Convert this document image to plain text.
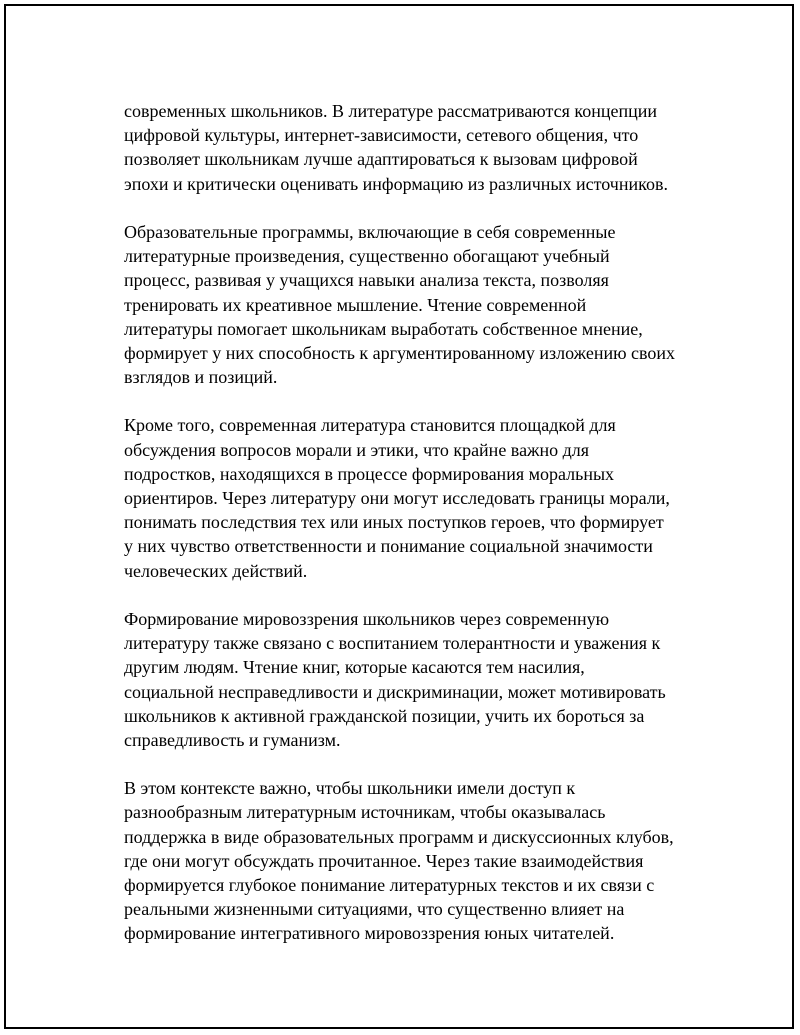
современных школьников. В литературе рассматриваются концепции
цифровой культуры, интернет-зависимости, сетевого общения, что
позволяет школьникам лучше адаптироваться к вызовам цифровой
эпохи и критически оценивать информацию из различных источников.
Образовательные программы, включающие в себя современные
литературные произведения, существенно обогащают учебный
процесс, развивая у учащихся навыки анализа текста, позволяя
тренировать их креативное мышление. Чтение современной
литературы помогает школьникам выработать собственное мнение,
формирует у них способность к аргументированному изложению своих
взглядов и позиций.
Кроме того, современная литература становится площадкой для
обсуждения вопросов морали и этики, что крайне важно для
подростков, находящихся в процессе формирования моральных
ориентиров. Через литературу они могут исследовать границы морали,
понимать последствия тех или иных поступков героев, что формирует
у них чувство ответственности и понимание социальной значимости
человеческих действий.
Формирование мировоззрения школьников через современную
литературу также связано с воспитанием толерантности и уважения к
другим людям. Чтение книг, которые касаются тем насилия,
социальной несправедливости и дискриминации, может мотивировать
школьников к активной гражданской позиции, учить их бороться за
справедливость и гуманизм.
В этом контексте важно, чтобы школьники имели доступ к
разнообразным литературным источникам, чтобы оказывалась
поддержка в виде образовательных программ и дискуссионных клубов,
где они могут обсуждать прочитанное. Через такие взаимодействия
формируется глубокое понимание литературных текстов и их связи с
реальными жизненными ситуациями, что существенно влияет на
формирование интегративного мировоззрения юных читателей.
